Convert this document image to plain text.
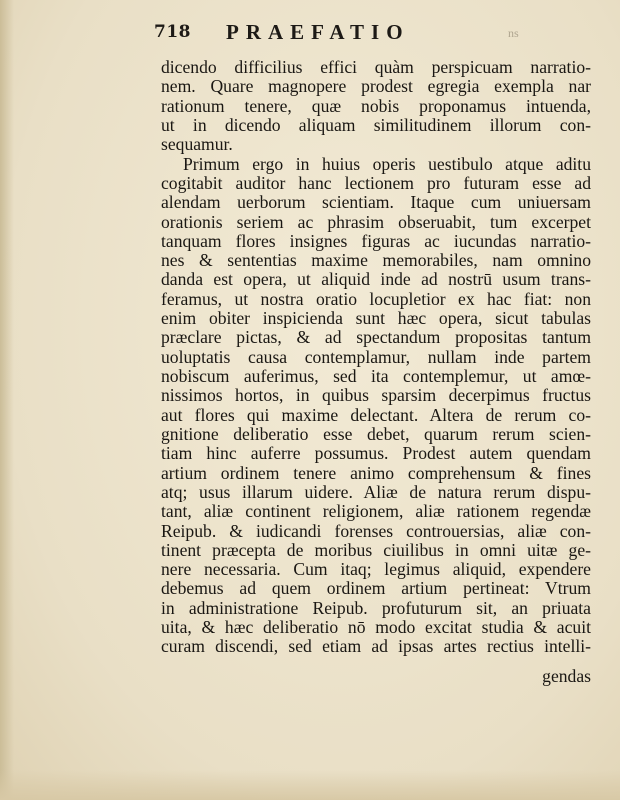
718 PRAEFATIO	ns
dicendo difficilius effici quàm perspicuam narratio-
nem. Quare magnopere prodest egregia exempla nar
rationum tenere, quæ nobis proponamus intuenda,
ut in dicendo aliquam similitudinem illorum con-
sequamur.
Primum ergo in huius operis uestibulo atque aditu
cogitabit auditor hanc lectionem pro futuram esse ad
alendam uerborum scientiam. Itaque cum uniuersam
orationis seriem ac phrasim obseruabit, tum excerpet
tanquam flores insignes figuras ac iucundas narratio-
nes & sententias maxime memorabiles, nam omnino
danda est opera, ut aliquid inde ad nostrū usum trans-
feramus, ut nostra oratio locupletior ex hac fiat: non
enim obiter inspicienda sunt hæc opera, sicut tabulas
præclare pictas, & ad spectandum propositas tantum
uoluptatis causa contemplamur, nullam inde partem
nobiscum auferimus, sed ita contemplemur, ut amœ-
nissimos hortos, in quibus sparsim decerpimus fructus
aut flores qui maxime delectant. Altera de rerum co-
gnitione deliberatio esse debet, quarum rerum scien-
tiam hinc auferre possumus. Prodest autem quendam
artium ordinem tenere animo comprehensum & fines
atq; usus illarum uidere. Aliæ de natura rerum dispu-
tant, aliæ continent religionem, aliæ rationem regendæ
Reipub. & iudicandi forenses controuersias, aliæ con-
tinent præcepta de moribus ciuilibus in omni uitæ ge-
nere necessaria. Cum itaq; legimus aliquid, expendere
debemus ad quem ordinem artium pertineat: Vtrum
in administratione Reipub. profuturum sit, an priuata
uita, & hæc deliberatio nō modo excitat studia & acuit
curam discendi, sed etiam ad ipsas artes rectius intelli-
gendas
